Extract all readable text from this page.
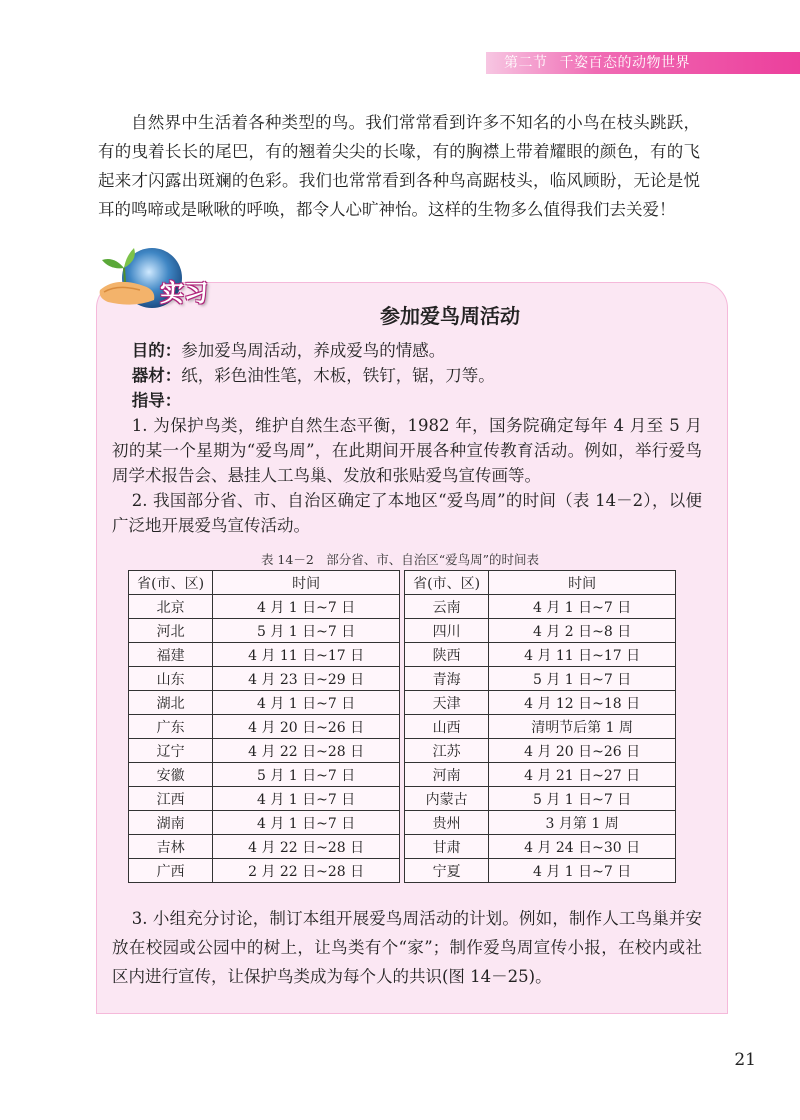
第二节 千姿百态的动物世界

自然界中生活着各种类型的鸟。我们常常看到许多不知名的小鸟在枝头跳跃，有的曳着长长的尾巴，有的翘着尖尖的长喙，有的胸襟上带着耀眼的颜色，有的飞起来才闪露出斑斓的色彩。我们也常常看到各种鸟高踞枝头，临风顾盼，无论是悦耳的鸣啼或是啾啾的呼唤，都令人心旷神怡。这样的生物多么值得我们去关爱！

实习
参加爱鸟周活动

目的：参加爱鸟周活动，养成爱鸟的情感。

器材：纸，彩色油性笔，木板，铁钉，锯，刀等。

指导：

1. 为保护鸟类，维护自然生态平衡，1982 年，国务院确定每年 4 月至 5 月初的某一个星期为“爱鸟周”，在此期间开展各种宣传教育活动。例如，举行爱鸟周学术报告会、悬挂人工鸟巢、发放和张贴爱鸟宣传画等。

2. 我国部分省、市、自治区确定了本地区“爱鸟周”的时间（表 14－2），以便广泛地开展爱鸟宣传活动。

表 14－2　部分省、市、自治区“爱鸟周”的时间表
省(市、区)	时间
北京	4 月 1 日~7 日
河北	5 月 1 日~7 日
福建	4 月 11 日~17 日
山东	4 月 23 日~29 日
湖北	4 月 1 日~7 日
广东	4 月 20 日~26 日
辽宁	4 月 22 日~28 日
安徽	5 月 1 日~7 日
江西	4 月 1 日~7 日
湖南	4 月 1 日~7 日
吉林	4 月 22 日~28 日
广西	2 月 22 日~28 日
省(市、区)	时间
云南	4 月 1 日~7 日
四川	4 月 2 日~8 日
陕西	4 月 11 日~17 日
青海	5 月 1 日~7 日
天津	4 月 12 日~18 日
山西	清明节后第 1 周
江苏	4 月 20 日~26 日
河南	4 月 21 日~27 日
内蒙古	5 月 1 日~7 日
贵州	3 月第 1 周
甘肃	4 月 24 日~30 日
宁夏	4 月 1 日~7 日

3. 小组充分讨论，制订本组开展爱鸟周活动的计划。例如，制作人工鸟巢并安放在校园或公园中的树上，让鸟类有个“家”；制作爱鸟周宣传小报，在校内或社区内进行宣传，让保护鸟类成为每个人的共识(图 14－25)。

21
